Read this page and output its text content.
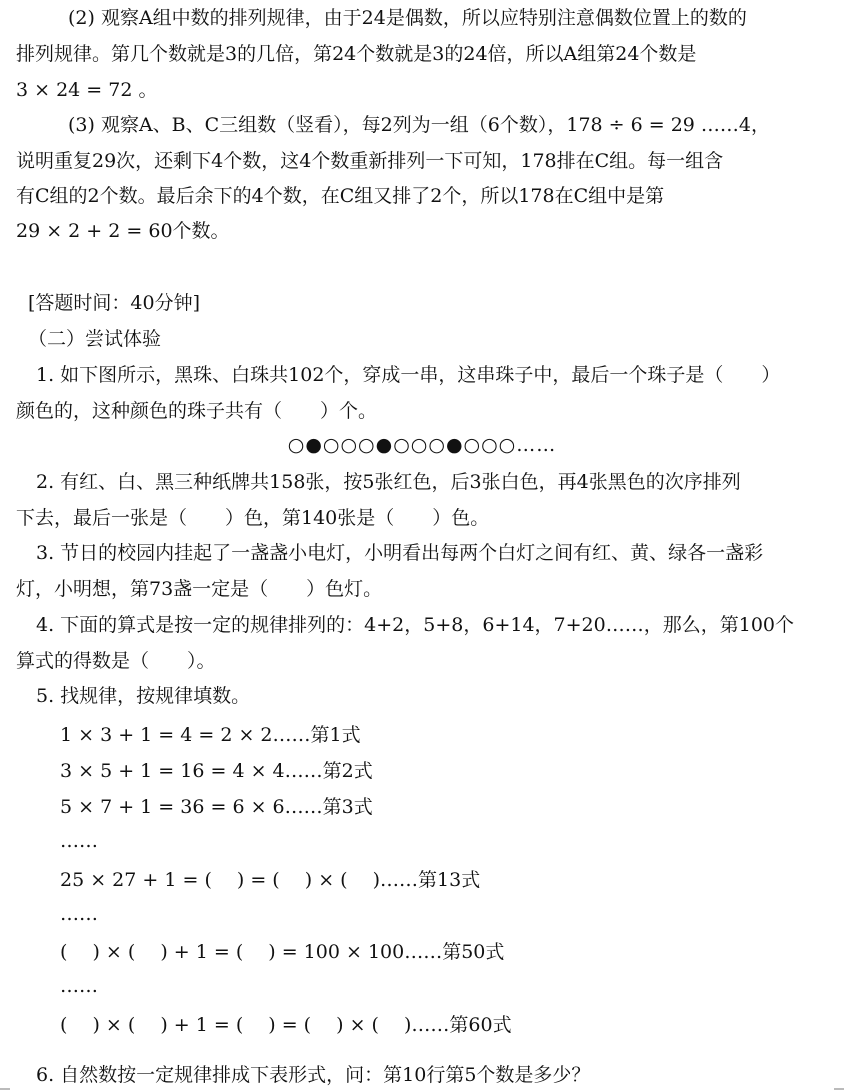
(2) 观察A组中数的排列规律，由于24是偶数，所以应特别注意偶数位置上的数的
排列规律。第几个数就是3的几倍，第24个数就是3的24倍，所以A组第24个数是
3 × 24 = 72 。
(3) 观察A、B、C三组数（竖看），每2列为一组（6个数），178 ÷ 6 = 29 ……4，
说明重复29次，还剩下4个数，这4个数重新排列一下可知，178排在C组。每一组含
有C组的2个数。最后余下的4个数，在C组又排了2个，所以178在C组中是第
29 × 2 + 2 = 60个数。
[答题时间：40分钟]
（二）尝试体验
1. 如下图所示，黑珠、白珠共102个，穿成一串，这串珠子中，最后一个珠子是（　　）
颜色的，这种颜色的珠子共有（　　）个。
○●○○○●○○○●○○○……
2. 有红、白、黑三种纸牌共158张，按5张红色，后3张白色，再4张黑色的次序排列
下去，最后一张是（　　）色，第140张是（　　）色。
3. 节日的校园内挂起了一盏盏小电灯，小明看出每两个白灯之间有红、黄、绿各一盏彩
灯，小明想，第73盏一定是（　　）色灯。
4. 下面的算式是按一定的规律排列的：4+2，5+8，6+14，7+20……，那么，第100个
算式的得数是（　　）。
5. 找规律，按规律填数。
1 × 3 + 1 = 4 = 2 × 2……第1式
3 × 5 + 1 = 16 = 4 × 4……第2式
5 × 7 + 1 = 36 = 6 × 6……第3式
……
25 × 27 + 1 = (　 ) = (　 ) × (　 )……第13式
……
(　 ) × (　 ) + 1 = (　 ) = 100 × 100……第50式
……
(　 ) × (　 ) + 1 = (　 ) = (　 ) × (　 )……第60式
6. 自然数按一定规律排成下表形式，问：第10行第5个数是多少？
